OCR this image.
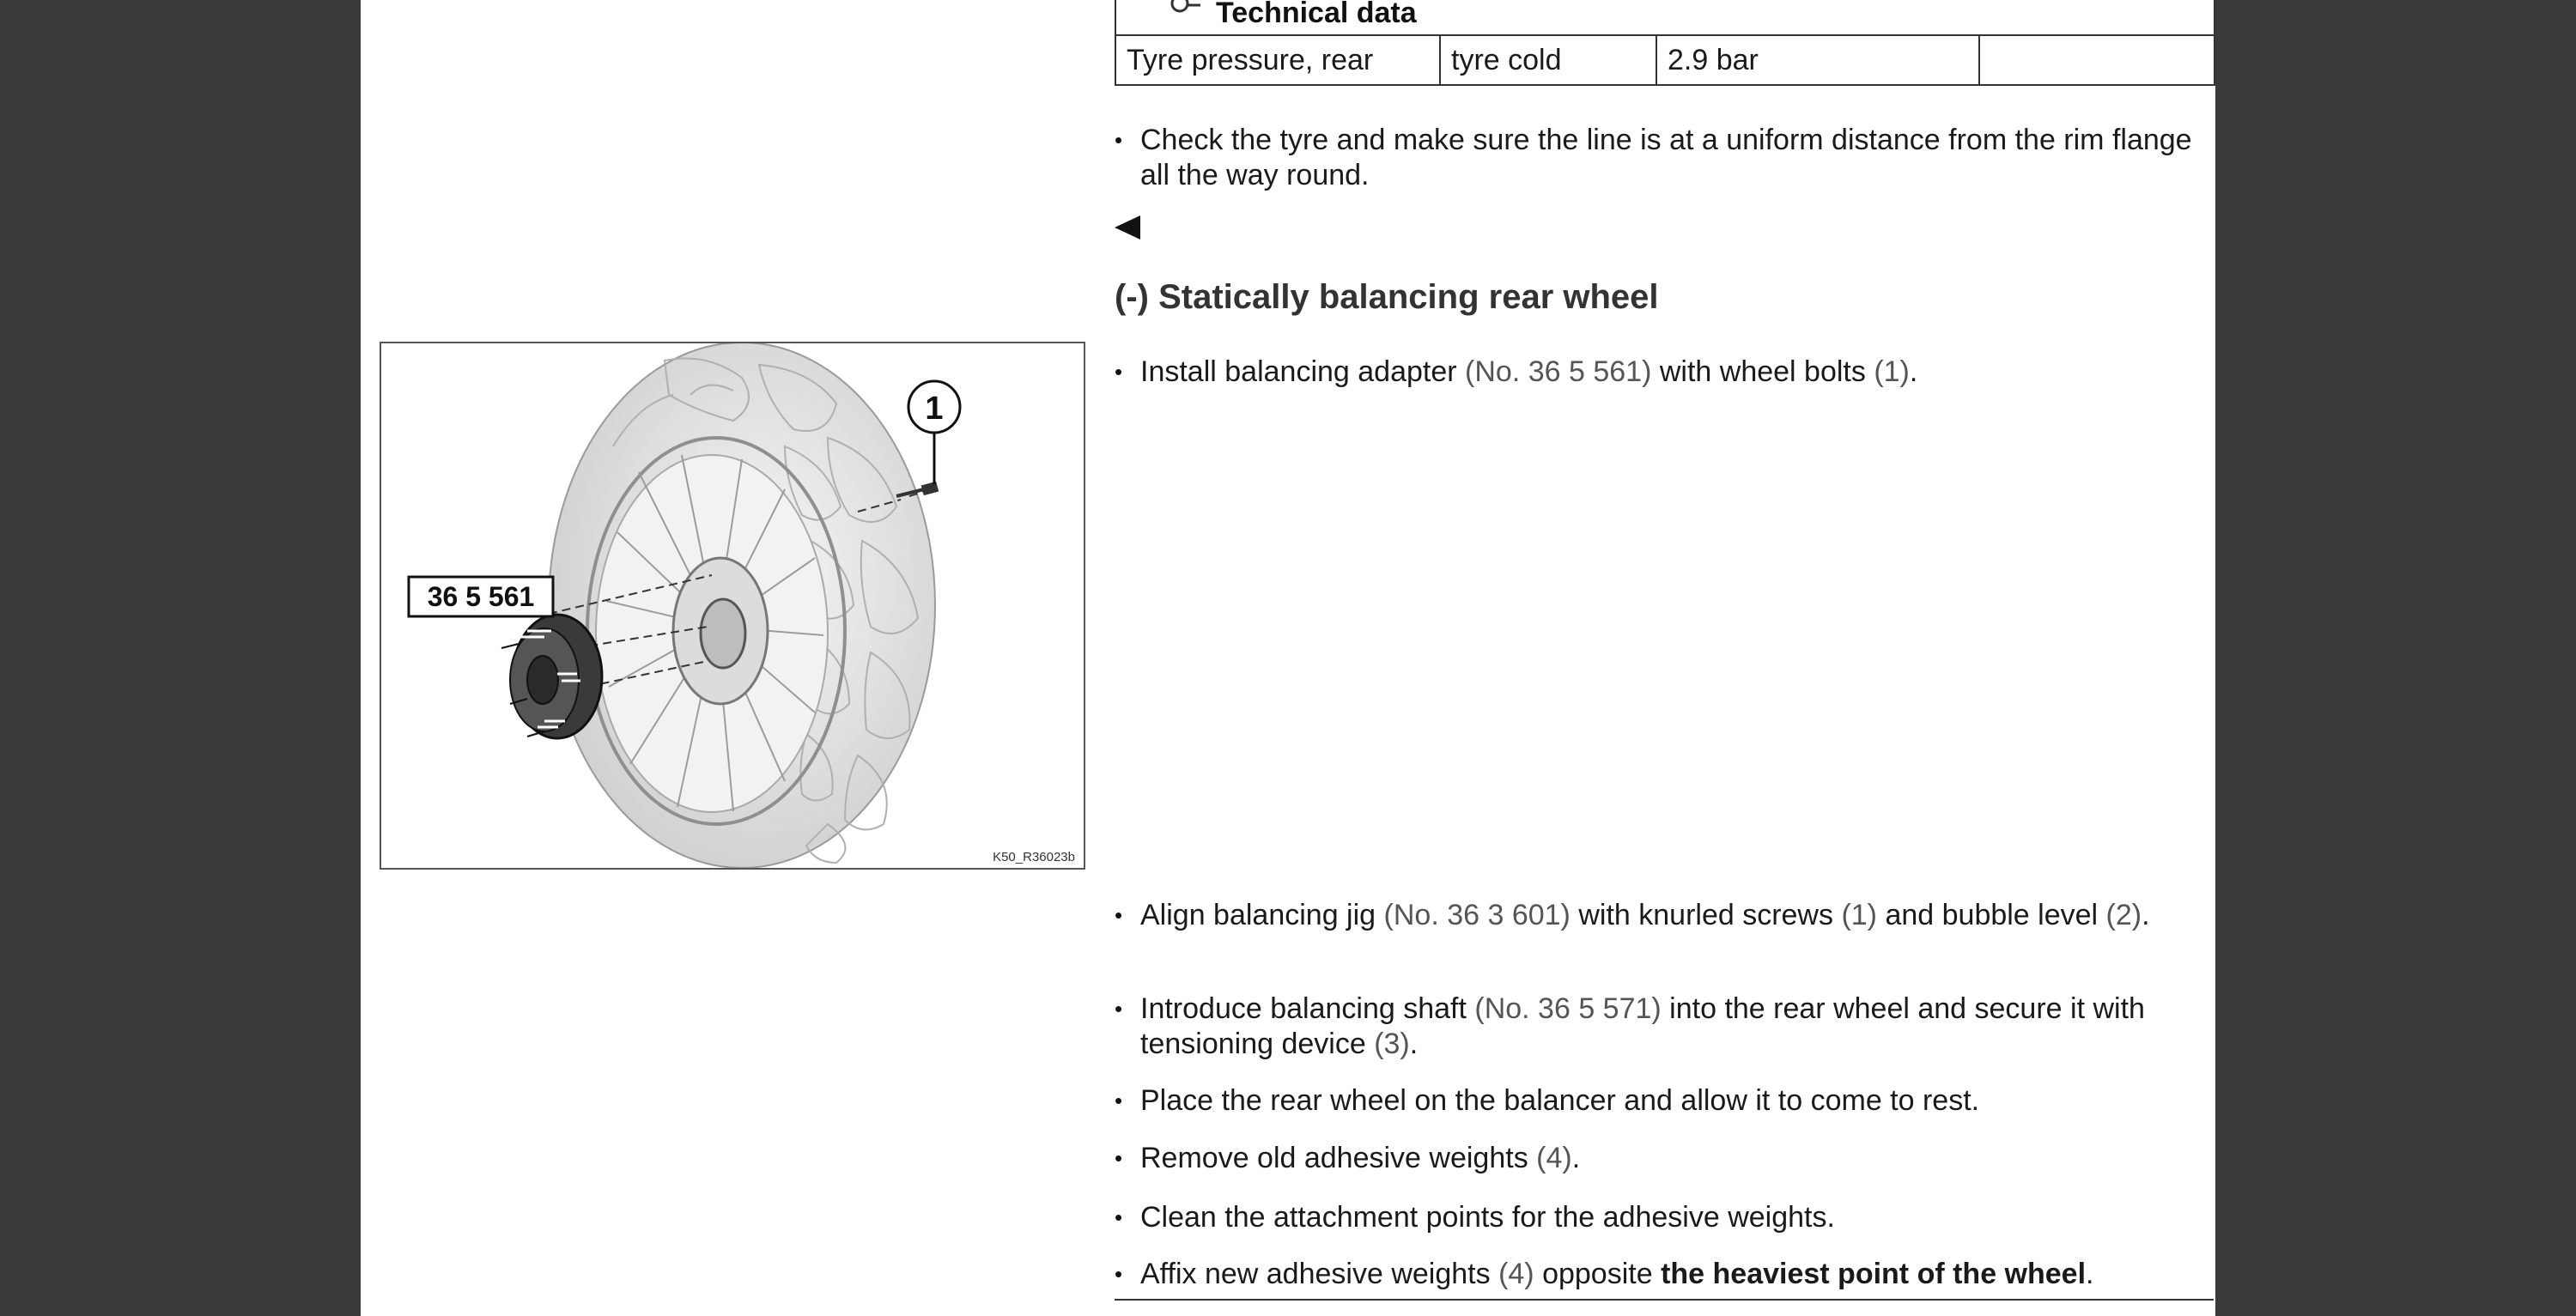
Technical data
Tyre pressure, rear	tyre cold	2.9 bar
• Check the tyre and make sure the line is at a uniform distance from the rim flange all the way round.
(-) Statically balancing rear wheel
• Install balancing adapter (No. 36 5 561) with wheel bolts (1).
1
36 5 561
K50_R36023b
• Align balancing jig (No. 36 3 601) with knurled screws (1) and bubble level (2).
• Introduce balancing shaft (No. 36 5 571) into the rear wheel and secure it with tensioning device (3).
• Place the rear wheel on the balancer and allow it to come to rest.
• Remove old adhesive weights (4).
• Clean the attachment points for the adhesive weights.
• Affix new adhesive weights (4) opposite the heaviest point of the wheel.
